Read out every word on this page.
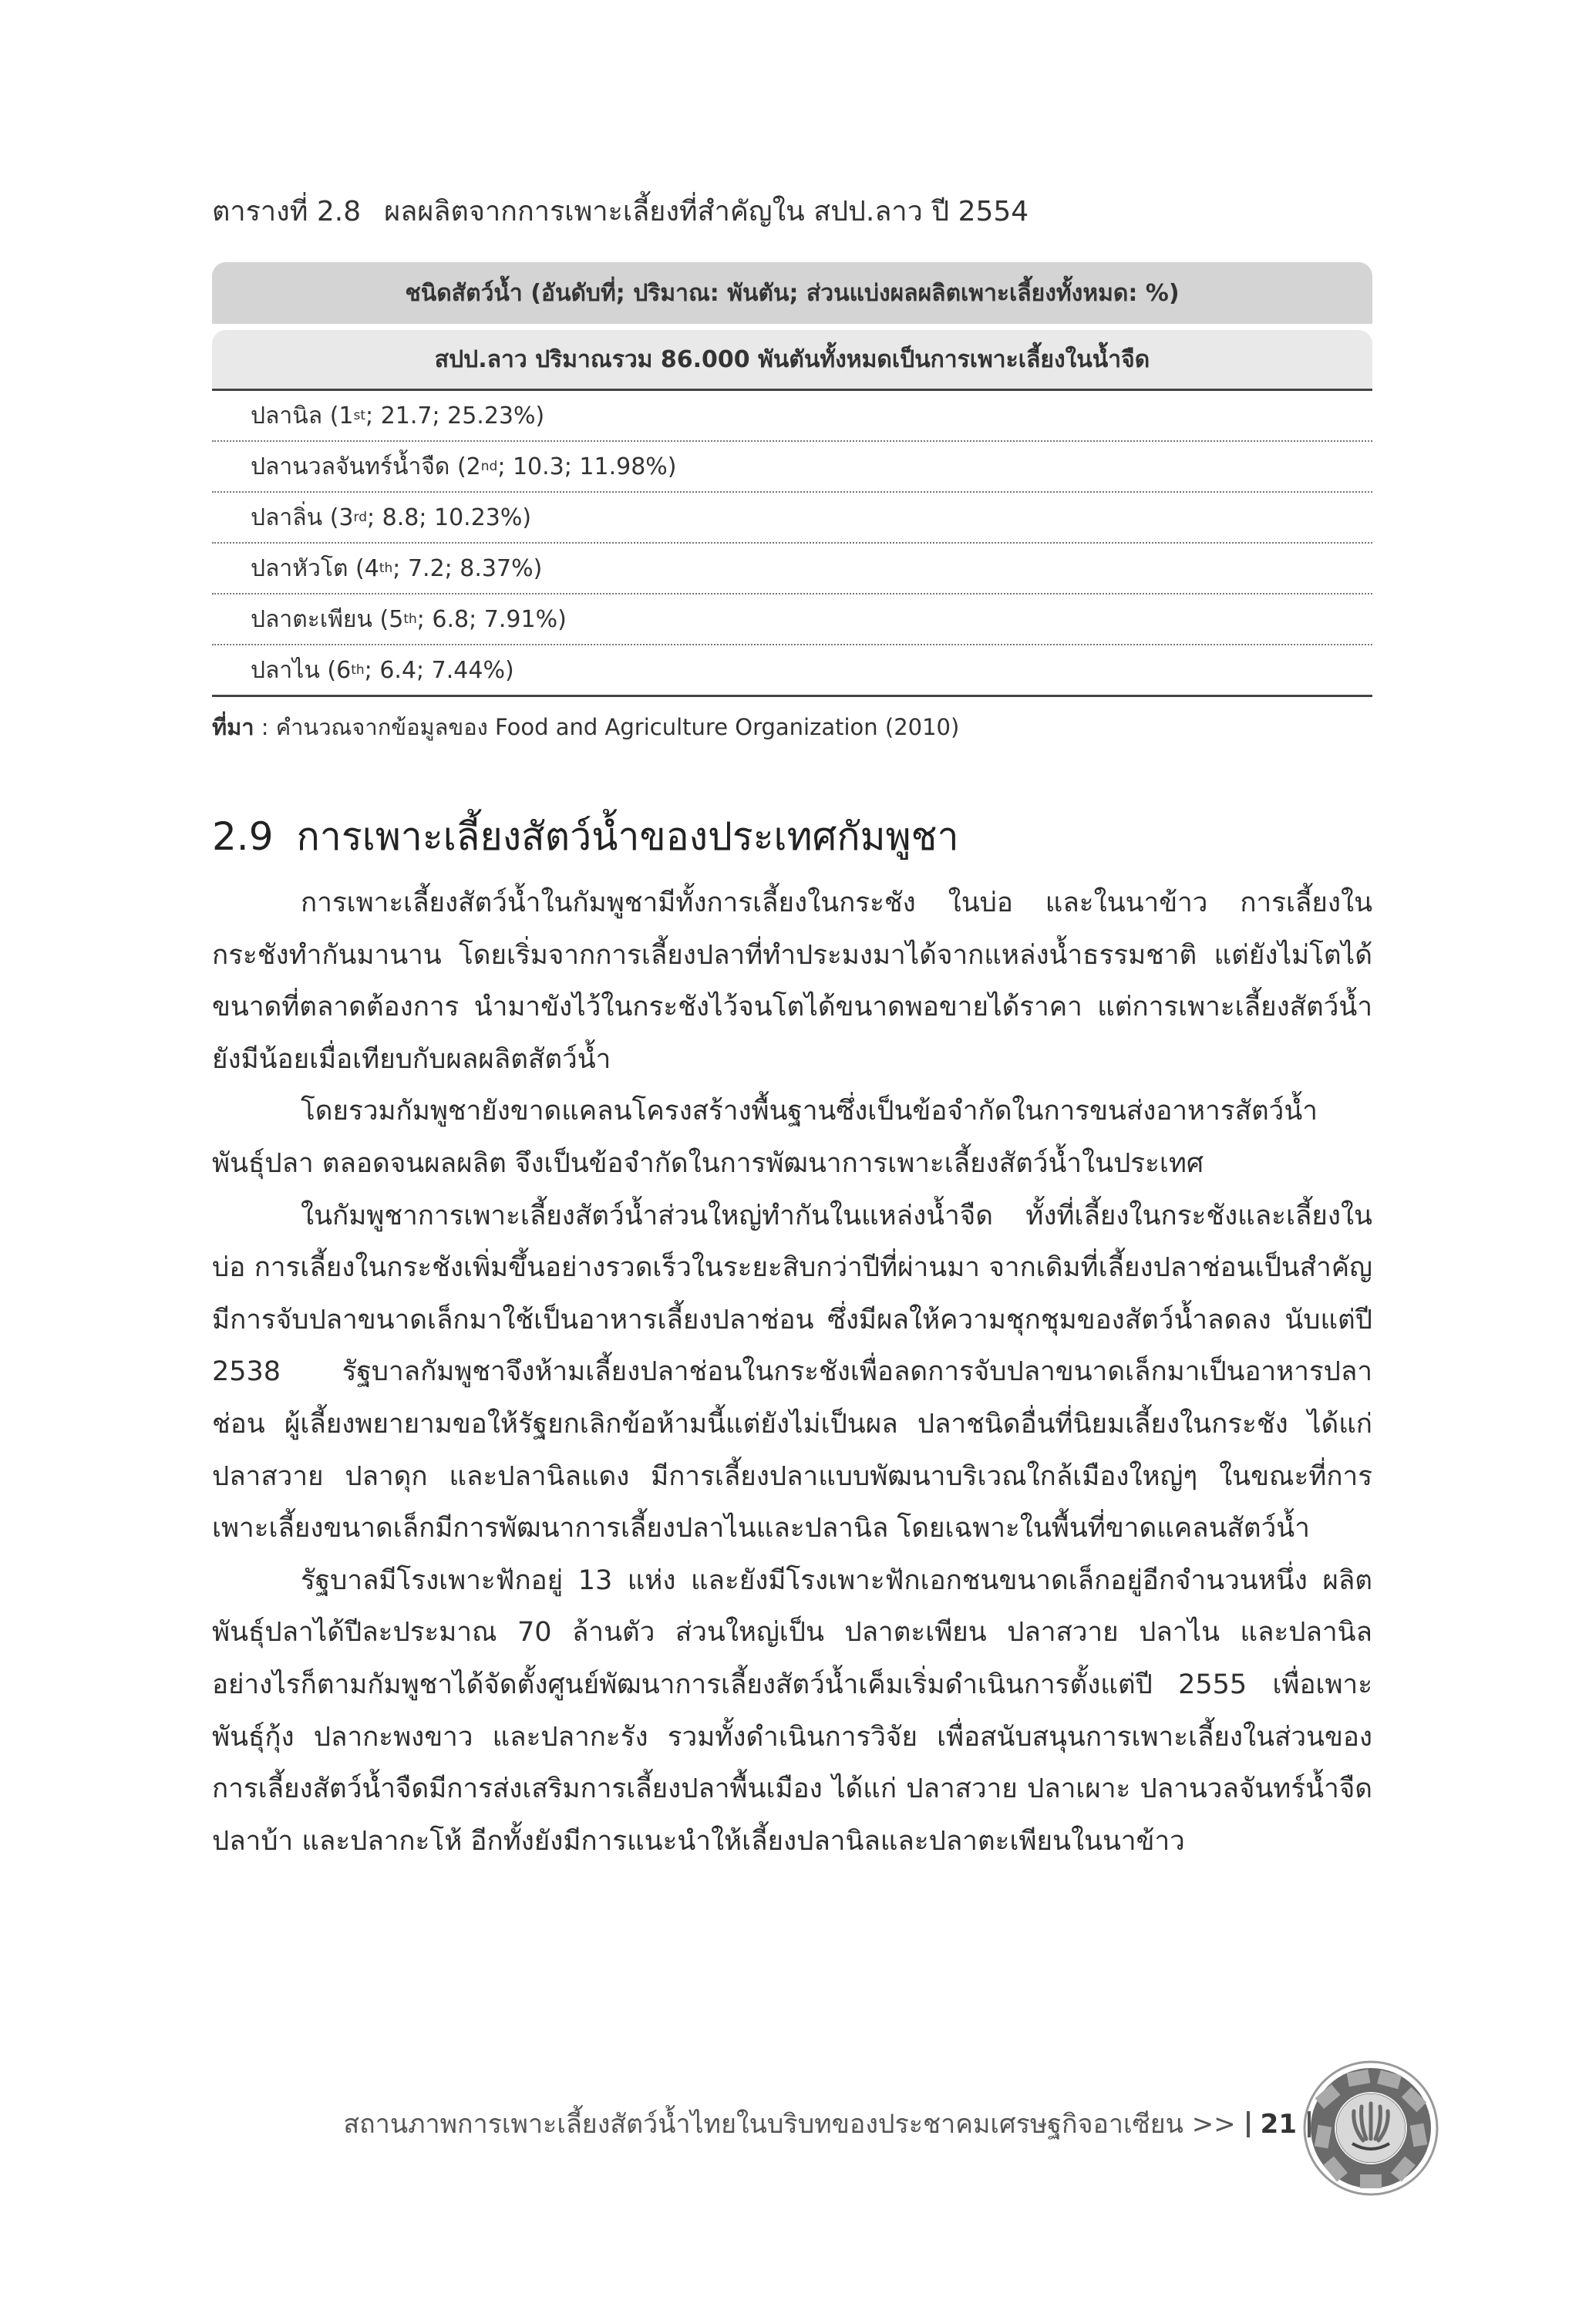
ตารางที่ 2.8 ผลผลิตจากการเพาะเลี้ยงที่สำคัญใน สปป.ลาว ปี 2554
ชนิดสัตว์น้ำ (อันดับที่; ปริมาณ: พันตัน; ส่วนแบ่งผลผลิตเพาะเลี้ยงทั้งหมด: %)
สปป.ลาว ปริมาณรวม 86.000 พันตันทั้งหมดเป็นการเพาะเลี้ยงในน้ำจืด
ปลานิล ( 1 st ; 21.7; 25.23%)
ปลานวลจันทร์น้ำจืด ( 2 nd ; 10.3; 11.98%)
ปลาลิ่น ( 3 rd ; 8.8; 10.23%)
ปลาหัวโต ( 4 th ; 7.2; 8.37%)
ปลาตะเพียน ( 5 th ; 6.8; 7.91%)
ปลาไน ( 6 th ; 6.4; 7.44%)
ที่มา : คำนวณจากข้อมูลของ Food and Agriculture Organization (2010)
2.9 การเพาะเลี้ยงสัตว์น้ำของประเทศกัมพูชา

การเพาะเลี้ยงสัตว์น้ำในกัมพูชามีทั้งการเลี้ยงในกระชัง ในบ่อ และในนาข้าว การเลี้ยงในกระชังทำกันมานาน โดยเริ่มจากการเลี้ยงปลาที่ทำประมงมาได้จากแหล่งน้ำธรรมชาติ แต่ยังไม่โตได้ขนาดที่ตลาดต้องการ นำมาขังไว้ในกระชังไว้จนโตได้ขนาดพอขายได้ราคา แต่การเพาะเลี้ยงสัตว์น้ำยังมีน้อยเมื่อเทียบกับผลผลิตสัตว์น้ำ

โดยรวมกัมพูชายังขาดแคลนโครงสร้างพื้นฐานซึ่งเป็นข้อจำกัดในการขนส่งอาหารสัตว์น้ำ พันธุ์ปลา ตลอดจนผลผลิต จึงเป็นข้อจำกัดในการพัฒนาการเพาะเลี้ยงสัตว์น้ำในประเทศ

ในกัมพูชาการเพาะเลี้ยงสัตว์น้ำส่วนใหญ่ทำกันในแหล่งน้ำจืด ทั้งที่เลี้ยงในกระชังและเลี้ยงในบ่อ การเลี้ยงในกระชังเพิ่มขึ้นอย่างรวดเร็วในระยะสิบกว่าปีที่ผ่านมา จากเดิมที่เลี้ยงปลาช่อนเป็นสำคัญ มีการจับปลาขนาดเล็กมาใช้เป็นอาหารเลี้ยงปลาช่อน ซึ่งมีผลให้ความชุกชุมของสัตว์น้ำลดลง นับแต่ปี 2538 รัฐบาลกัมพูชาจึงห้ามเลี้ยงปลาช่อนในกระชังเพื่อลดการจับปลาขนาดเล็กมาเป็นอาหารปลาช่อน ผู้เลี้ยงพยายามขอให้รัฐยกเลิกข้อห้ามนี้แต่ยังไม่เป็นผล ปลาชนิดอื่นที่นิยมเลี้ยงในกระชัง ได้แก่ ปลาสวาย ปลาดุก และปลานิลแดง มีการเลี้ยงปลาแบบพัฒนาบริเวณใกล้เมืองใหญ่ๆ ในขณะที่การเพาะเลี้ยงขนาดเล็กมีการพัฒนาการเลี้ยงปลาไนและปลานิล โดยเฉพาะในพื้นที่ขาดแคลนสัตว์น้ำ

รัฐบาลมีโรงเพาะฟักอยู่ 13 แห่ง และยังมีโรงเพาะฟักเอกชนขนาดเล็กอยู่อีกจำนวนหนึ่ง ผลิตพันธุ์ปลาได้ปีละประมาณ 70 ล้านตัว ส่วนใหญ่เป็น ปลาตะเพียน ปลาสวาย ปลาไน และปลานิล อย่างไรก็ตามกัมพูชาได้จัดตั้งศูนย์พัฒนาการเลี้ยงสัตว์น้ำเค็มเริ่มดำเนินการตั้งแต่ปี 2555 เพื่อเพาะพันธุ์กุ้ง ปลากะพงขาว และปลากะรัง รวมทั้งดำเนินการวิจัย เพื่อสนับสนุนการเพาะเลี้ยงในส่วนของการเลี้ยงสัตว์น้ำจืดมีการส่งเสริมการเลี้ยงปลาพื้นเมือง ได้แก่ ปลาสวาย ปลาเผาะ ปลานวลจันทร์น้ำจืด ปลาบ้า และปลากะโห้ อีกทั้งยังมีการแนะนำให้เลี้ยงปลานิลและปลาตะเพียนในนาข้าว

สถานภาพการเพาะเลี้ยงสัตว์น้ำไทยในบริบทของประชาคมเศรษฐกิจอาเซียน >> 21
